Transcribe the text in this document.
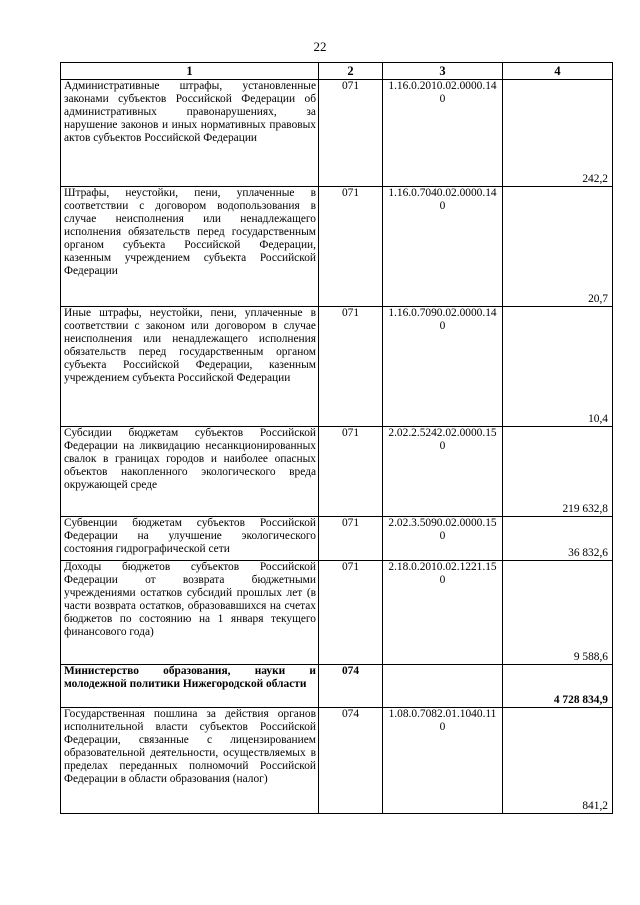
22
1	2	3	4
Административные штрафы, установленные законами субъектов Российской Федерации об административных правонарушениях, за нарушение законов и иных нормативных правовых актов субъектов Российской Федерации	071	1.16.0.2010.02.0000.140	242,2
Штрафы, неустойки, пени, уплаченные в соответствии с договором водопользования в случае неисполнения или ненадлежащего исполнения обязательств перед государственным органом субъекта Российской Федерации, казенным учреждением субъекта Российской Федерации	071	1.16.0.7040.02.0000.140	20,7
Иные штрафы, неустойки, пени, уплаченные в соответствии с законом или договором в случае неисполнения или ненадлежащего исполнения обязательств перед государственным органом субъекта Российской Федерации, казенным учреждением субъекта Российской Федерации	071	1.16.0.7090.02.0000.140	10,4
Субсидии бюджетам субъектов Российской Федерации на ликвидацию несанкционированных свалок в границах городов и наиболее опасных объектов накопленного экологического вреда окружающей среде	071	2.02.2.5242.02.0000.150	219 632,8
Субвенции бюджетам субъектов Российской Федерации на улучшение экологического состояния гидрографической сети	071	2.02.3.5090.02.0000.150	36 832,6
Доходы бюджетов субъектов Российской Федерации от возврата бюджетными учреждениями остатков субсидий прошлых лет (в части возврата остатков, образовавшихся на счетах бюджетов по состоянию на 1 января текущего финансового года)	071	2.18.0.2010.02.1221.150	9 588,6
Министерство образования, науки и молодежной политики Нижегородской области	074		4 728 834,9
Государственная пошлина за действия органов исполнительной власти субъектов Российской Федерации, связанные с лицензированием образовательной деятельности, осуществляемых в пределах переданных полномочий Российской Федерации в области образования (налог)	074	1.08.0.7082.01.1040.110	841,2
